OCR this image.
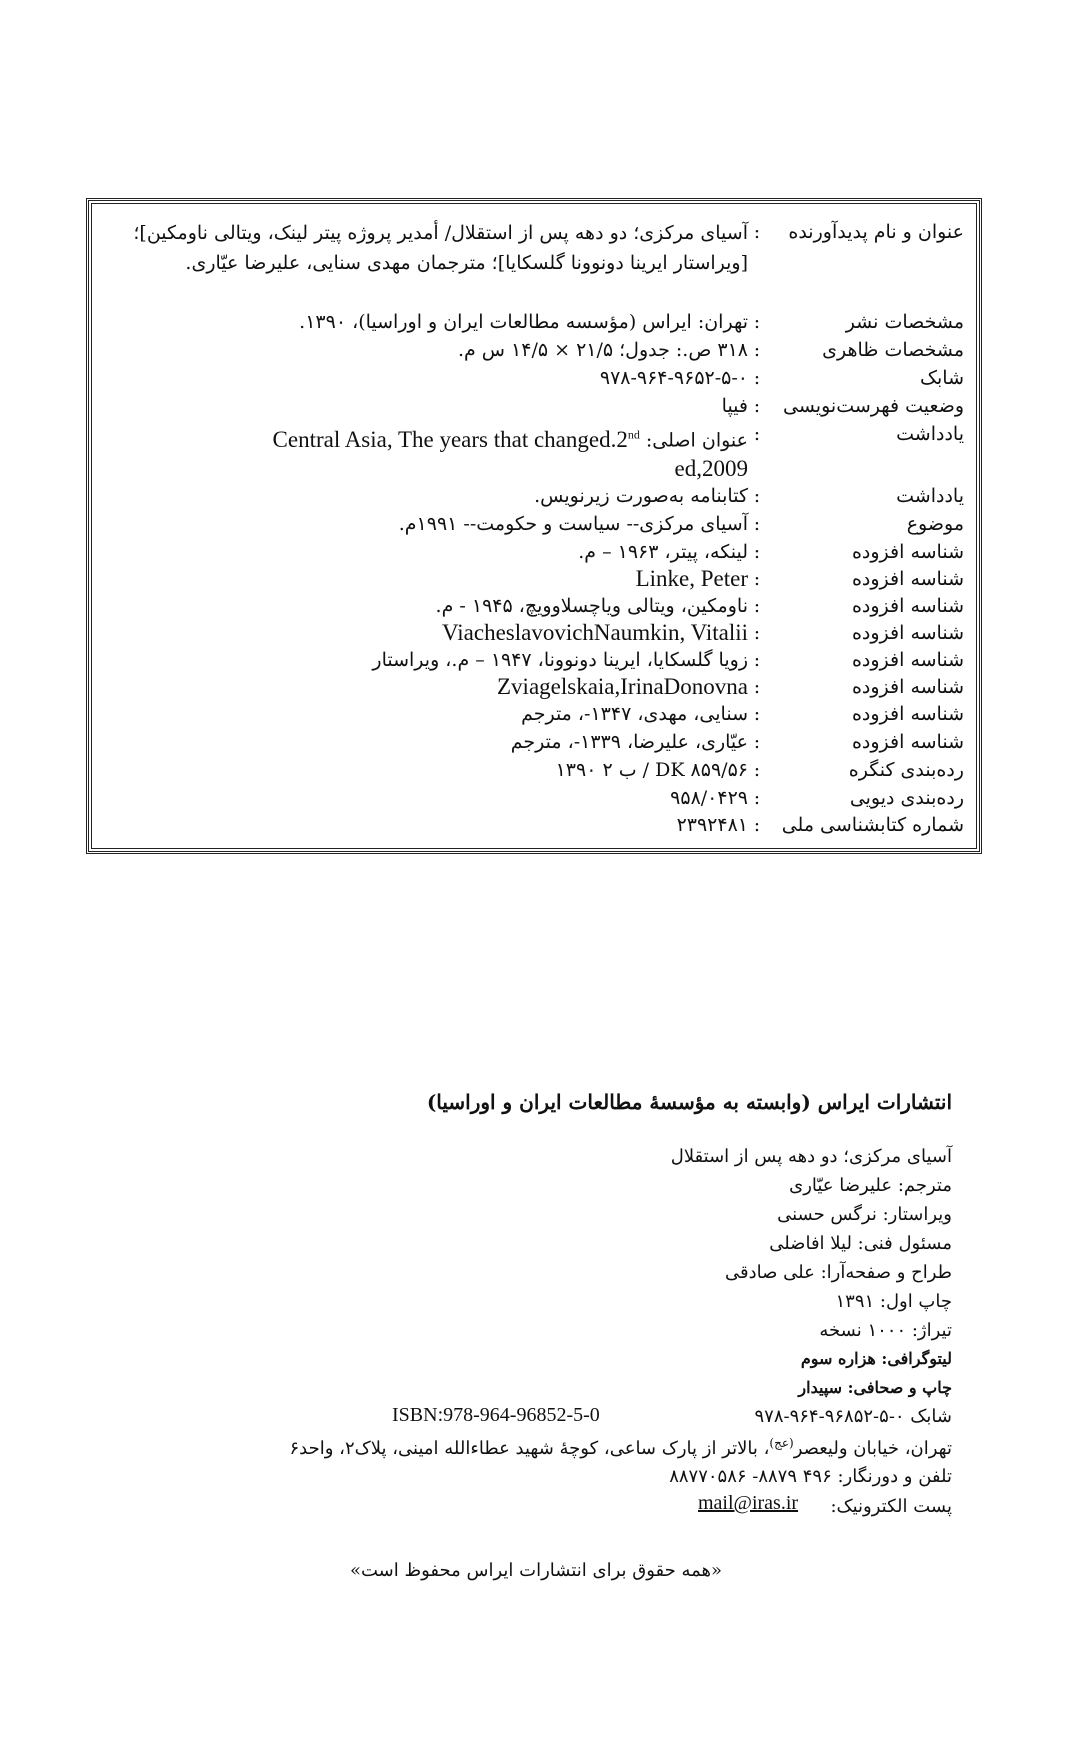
عنوان و نام پدیدآورنده
:
آسیای مرکزی؛ دو دهه پس از استقلال/ أمدیر پروژه پیتر لینک، ویتالی ناومکین]؛ [ویراستار ایرینا دونوونا گلسکایا]؛ مترجمان مهدی سنایی، علیرضا عیّاری.
مشخصات نشر
:
تهران: ایراس (مؤسسه مطالعات ایران و اوراسیا)، ۱۳۹۰.
مشخصات ظاهری
:
۳۱۸ ص.: جدول؛ ۲۱/۵ × ۱۴/۵ س م.
شابک
:
۹۷۸-۹۶۴-۹۶۵۲-۵-۰
وضعیت فهرست‌نویسی
:
فیپا
یادداشت
:
عنوان اصلی: Central Asia, The years that changed.2nd
ed,2009
یادداشت
:
کتابنامه به‌صورت زیرنویس.
موضوع
:
آسیای مرکزی-- سیاست و حکومت-- ۱۹۹۱م.
شناسه افزوده
:
لینکه، پیتر، ۱۹۶۳ – م.
شناسه افزوده
:
Linke, Peter
شناسه افزوده
:
ناومکین، ویتالی ویاچسلاوویچ، ۱۹۴۵ - م.
شناسه افزوده
:
ViacheslavovichNaumkin, Vitalii
شناسه افزوده
:
زویا گلسکایا، ایرینا دونوونا، ۱۹۴۷ – م.، ویراستار
شناسه افزوده
:
Zviagelskaia,IrinaDonovna
شناسه افزوده
:
سنایی، مهدی، ۱۳۴۷-، مترجم
شناسه افزوده
:
عیّاری، علیرضا، ۱۳۳۹-، مترجم
رده‌بندی کنگره
:
DK ۸۵۹/۵۶ / ب ۲ ۱۳۹۰
رده‌بندی دیویی
:
۹۵۸/۰۴۲۹
شماره کتابشناسی ملی
:
۲۳۹۲۴۸۱
انتشارات ایراس (وابسته به مؤسسهٔ مطالعات ایران و اوراسیا)
آسیای مرکزی؛ دو دهه پس از استقلال
مترجم: علیرضا عیّاری
ویراستار: نرگس حسنی
مسئول فنی: لیلا افاضلی
طراح و صفحه‌آرا: علی صادقی
چاپ اول: ۱۳۹۱
تیراژ: ۱۰۰۰ نسخه
لیتوگرافی: هزاره سوم
چاپ و صحافی: سپیدار
شابک ۰-۵-۹۶۸۵۲-۹۶۴-۹۷۸
ISBN:978-964-96852-5-0
تهران، خیابان ولیعصر$^{(عج)}$، بالاتر از پارک ساعی، کوچهٔ شهید عطاءالله امینی، پلاک۲، واحد۶
تلفن و دورنگار: ۴۹۶ ۸۸۷۹- ۸۸۷۷۰۵۸۶
پست الکترونیک:
mail@iras.ir
«همه حقوق برای انتشارات ایراس محفوظ است»
